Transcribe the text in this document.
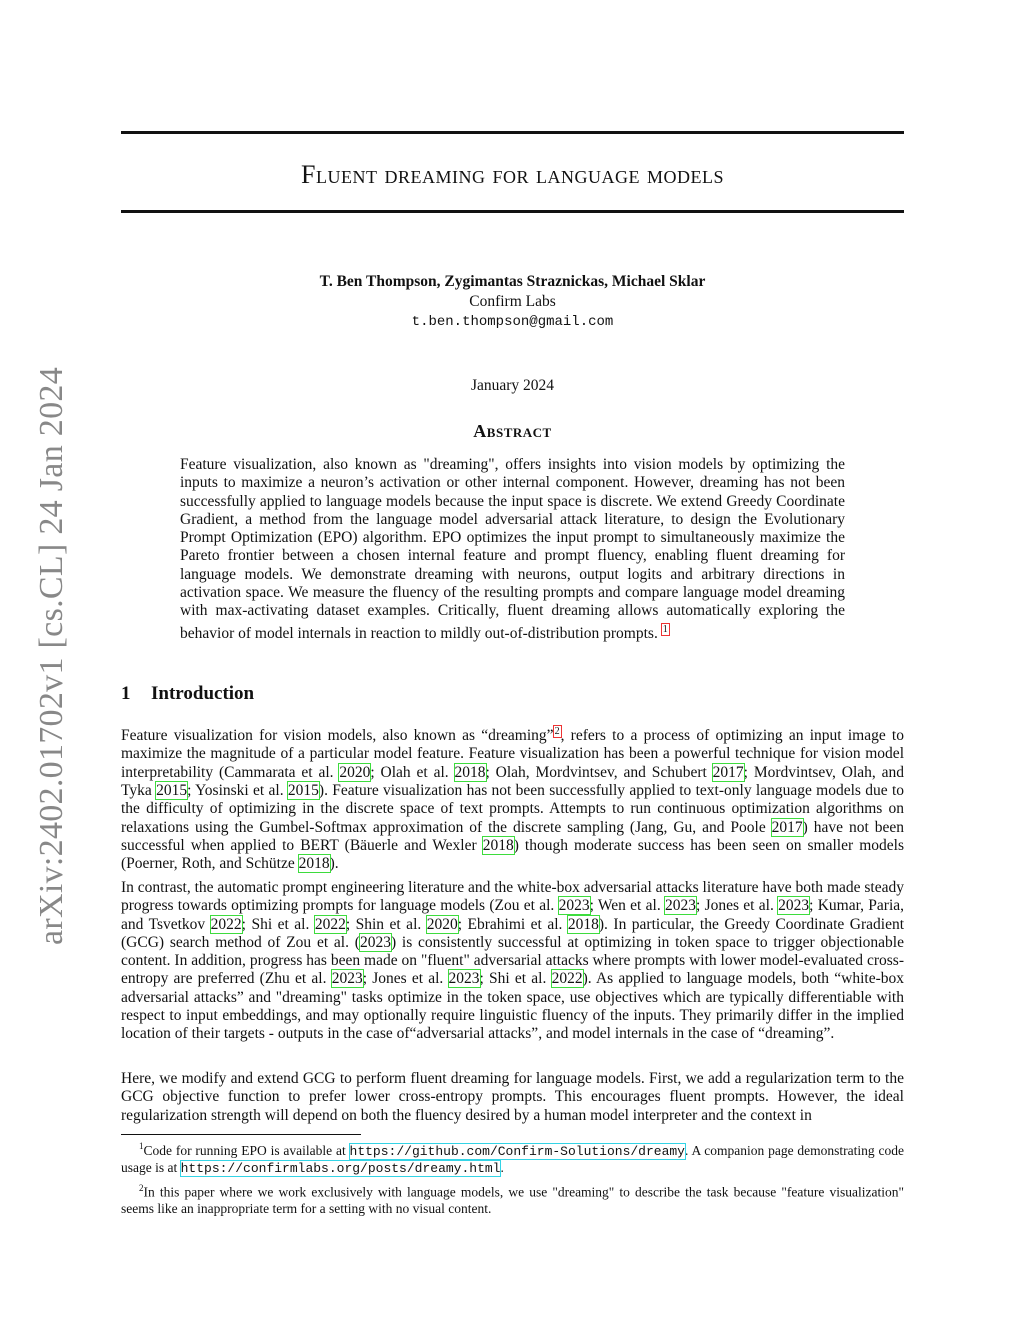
arXiv:2402.01702v1 [cs.CL] 24 Jan 2024
Fluent dreaming for language models
T. Ben Thompson, Zygimantas Straznickas, Michael Sklar
Confirm Labs
t.ben.thompson@gmail.com
January 2024
Abstract
Feature visualization, also known as "dreaming", offers insights into vision models by optimizing the inputs to maximize a neuron’s activation or other internal component. However, dreaming has not been successfully applied to language models because the input space is discrete. We extend Greedy Coordinate Gradient, a method from the language model adversarial attack literature, to design the Evolutionary Prompt Optimization (EPO) algorithm. EPO optimizes the input prompt to simultaneously maximize the Pareto frontier between a chosen internal feature and prompt fluency, enabling fluent dreaming for language models. We demonstrate dreaming with neurons, output logits and arbitrary directions in activation space. We measure the fluency of the resulting prompts and compare language model dreaming with max-activating dataset examples. Critically, fluent dreaming allows automatically exploring the behavior of model internals in reaction to mildly out-of-distribution prompts. $^1$
1 Introduction
Feature visualization for vision models, also known as “dreaming”$^2$, refers to a process of optimizing an input image to maximize the magnitude of a particular model feature. Feature visualization has been a powerful technique for vision model interpretability (Cammarata et al. 2020; Olah et al. 2018; Olah, Mordvintsev, and Schubert 2017; Mordvintsev, Olah, and Tyka 2015; Yosinski et al. 2015). Feature visualization has not been successfully applied to text-only language models due to the difficulty of optimizing in the discrete space of text prompts. Attempts to run continuous optimization algorithms on relaxations using the Gumbel-Softmax approximation of the discrete sampling (Jang, Gu, and Poole 2017) have not been successful when applied to BERT (Bäuerle and Wexler 2018) though moderate success has been seen on smaller models (Poerner, Roth, and Schütze 2018).
In contrast, the automatic prompt engineering literature and the white-box adversarial attacks literature have both made steady progress towards optimizing prompts for language models (Zou et al. 2023; Wen et al. 2023; Jones et al. 2023; Kumar, Paria, and Tsvetkov 2022; Shi et al. 2022; Shin et al. 2020; Ebrahimi et al. 2018). In particular, the Greedy Coordinate Gradient (GCG) search method of Zou et al. (2023) is consistently successful at optimizing in token space to trigger objectionable content. In addition, progress has been made on "fluent" adversarial attacks where prompts with lower model-evaluated cross-entropy are preferred (Zhu et al. 2023; Jones et al. 2023; Shi et al. 2022). As applied to language models, both “white-box adversarial attacks” and "dreaming" tasks optimize in the token space, use objectives which are typically differentiable with respect to input embeddings, and may optionally require linguistic fluency of the inputs. They primarily differ in the implied location of their targets - outputs in the case of“adversarial attacks”, and model internals in the case of “dreaming”.
Here, we modify and extend GCG to perform fluent dreaming for language models. First, we add a regularization term to the GCG objective function to prefer lower cross-entropy prompts. This encourages fluent prompts. However, the ideal regularization strength will depend on both the fluency desired by a human model interpreter and the context in

$^1$Code for running EPO is available at https://github.com/Confirm-Solutions/dreamy. A companion page demonstrating code usage is at https://confirmlabs.org/posts/dreamy.html.

$^2$In this paper where we work exclusively with language models, we use "dreaming" to describe the task because "feature visualization" seems like an inappropriate term for a setting with no visual content.
